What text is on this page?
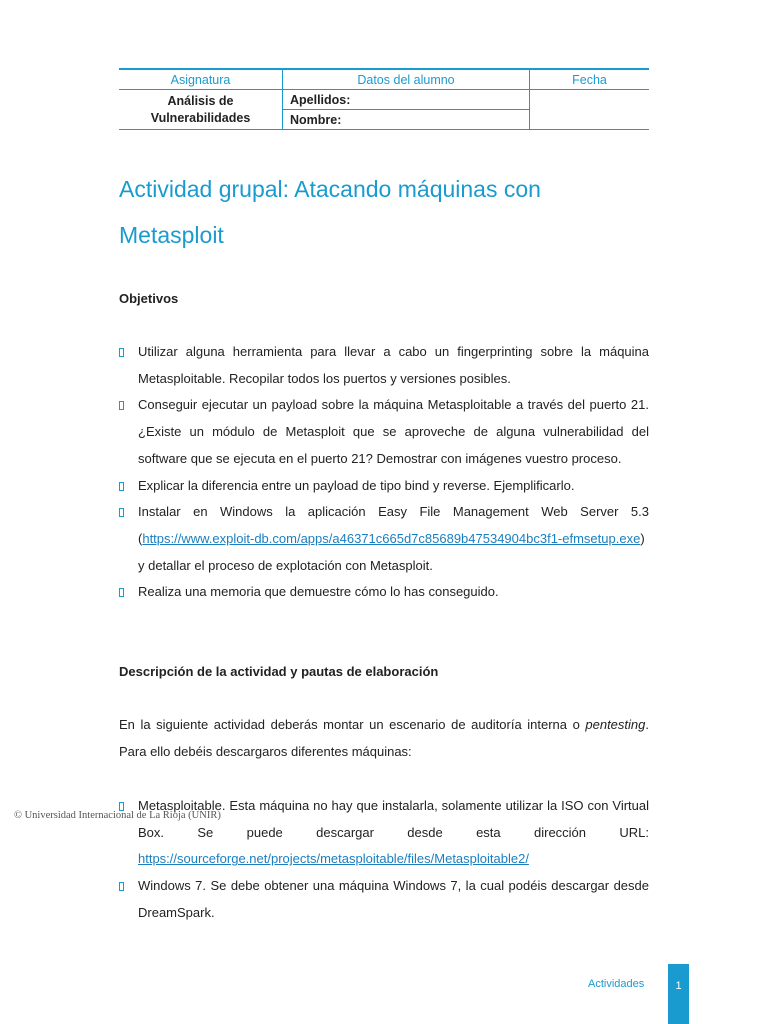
Asignatura	Datos del alumno	Fecha

Análisis de
Vulnerabilidades	Apellidos:	
	Nombre:	
Actividad grupal: Atacando máquinas con Metasploit
Objetivos
Utilizar alguna herramienta para llevar a cabo un fingerprinting sobre la máquina Metasploitable. Recopilar todos los puertos y versiones posibles.
Conseguir ejecutar un payload sobre la máquina Metasploitable a través del puerto 21. ¿Existe un módulo de Metasploit que se aproveche de alguna vulnerabilidad del software que se ejecuta en el puerto 21? Demostrar con imágenes vuestro proceso.
Explicar la diferencia entre un payload de tipo bind y reverse. Ejemplificarlo.
Instalar en Windows la aplicación Easy File Management Web Server 5.3 (https://www.exploit-db.com/apps/a46371c665d7c85689b47534904bc3f1-efmsetup.exe) y detallar el proceso de explotación con Metasploit.
Realiza una memoria que demuestre cómo lo has conseguido.
Descripción de la actividad y pautas de elaboración

En la siguiente actividad deberás montar un escenario de auditoría interna o pentesting. Para ello debéis descargaros diferentes máquinas:

Metasploitable. Esta máquina no hay que instalarla, solamente utilizar la ISO con Virtual Box. Se puede descargar desde esta dirección URL: https://sourceforge.net/projects/metasploitable/files/Metasploitable2/
Windows 7. Se debe obtener una máquina Windows 7, la cual podéis descargar desde DreamSpark.
© Universidad Internacional de La Rioja (UNIR)
Actividades	1
